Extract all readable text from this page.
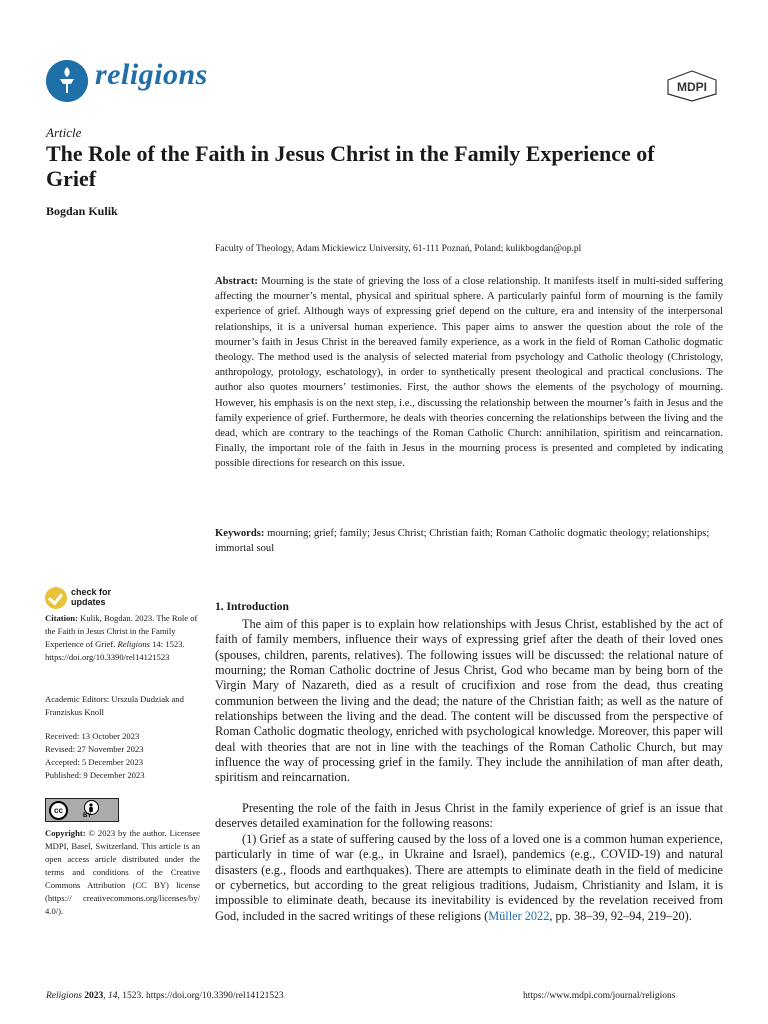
religions	MDPI
Article
The Role of the Faith in Jesus Christ in the Family Experience of Grief
Bogdan Kulik
Faculty of Theology, Adam Mickiewicz University, 61-111 Poznań, Poland; kulikbogdan@op.pl
Abstract: Mourning is the state of grieving the loss of a close relationship. It manifests itself in multi-sided suffering affecting the mourner’s mental, physical and spiritual sphere. A particularly painful form of mourning is the family experience of grief. Although ways of expressing grief depend on the culture, era and intensity of the interpersonal relationships, it is a universal human experience. This paper aims to answer the question about the role of the mourner’s faith in Jesus Christ in the bereaved family experience, as a work in the field of Roman Catholic dogmatic theology. The method used is the analysis of selected material from psychology and Catholic theology (Christology, anthropology, protology, eschatology), in order to synthetically present theological and practical conclusions. The author also quotes mourners’ testimonies. First, the author shows the elements of the psychology of mourning. However, his emphasis is on the next step, i.e., discussing the relationship between the mourner’s faith in Jesus and the family experience of grief. Furthermore, he deals with theories concerning the relationships between the living and the dead, which are contrary to the teachings of the Roman Catholic Church: annihilation, spiritism and reincarnation. Finally, the important role of the faith in Jesus in the mourning process is presented and completed by indicating possible directions for research on this issue.
Keywords: mourning; grief; family; Jesus Christ; Christian faith; Roman Catholic dogmatic theology; relationships; immortal soul
check for
updates
Citation: Kulik, Bogdan. 2023. The Role of the Faith in Jesus Christ in the Family Experience of Grief. Religions 14: 1523. https://doi.org/10.3390/rel14121523
Academic Editors: Urszula Dudziak and Franziskus Knoll
Received: 13 October 2023
Revised: 27 November 2023
Accepted: 5 December 2023
Published: 9 December 2023
cc
BY
Copyright: © 2023 by the author. Licensee MDPI, Basel, Switzerland. This article is an open access article distributed under the terms and conditions of the Creative Commons Attribution (CC BY) license (https:// creativecommons.org/licenses/by/ 4.0/).
1. Introduction
The aim of this paper is to explain how relationships with Jesus Christ, established by the act of faith of family members, influence their ways of expressing grief after the death of their loved ones (spouses, children, parents, relatives). The following issues will be discussed: the relational nature of mourning; the Roman Catholic doctrine of Jesus Christ, God who became man by being born of the Virgin Mary of Nazareth, died as a result of crucifixion and rose from the dead, thus creating communion between the living and the dead; the nature of the Christian faith; as well as the nature of relationships between the living and the dead. The content will be discussed from the perspective of Roman Catholic dogmatic theology, enriched with psychological knowledge. Moreover, this paper will deal with theories that are not in line with the teachings of the Roman Catholic Church, but may influence the way of processing grief in the family. They include the annihilation of man after death, spiritism and reincarnation.
Presenting the role of the faith in Jesus Christ in the family experience of grief is an issue that deserves detailed examination for the following reasons:
(1) Grief as a state of suffering caused by the loss of a loved one is a common human experience, particularly in time of war (e.g., in Ukraine and Israel), pandemics (e.g., COVID-19) and natural disasters (e.g., floods and earthquakes). There are attempts to eliminate death in the field of medicine or cybernetics, but according to the great religious traditions, Judaism, Christianity and Islam, it is impossible to eliminate death, because its inevitability is evidenced by the revelation received from God, included in the sacred writings of these religions (Müller 2022, pp. 38–39, 92–94, 219–20).
Religions 2023, 14, 1523. https://doi.org/10.3390/rel14121523	https://www.mdpi.com/journal/religions
